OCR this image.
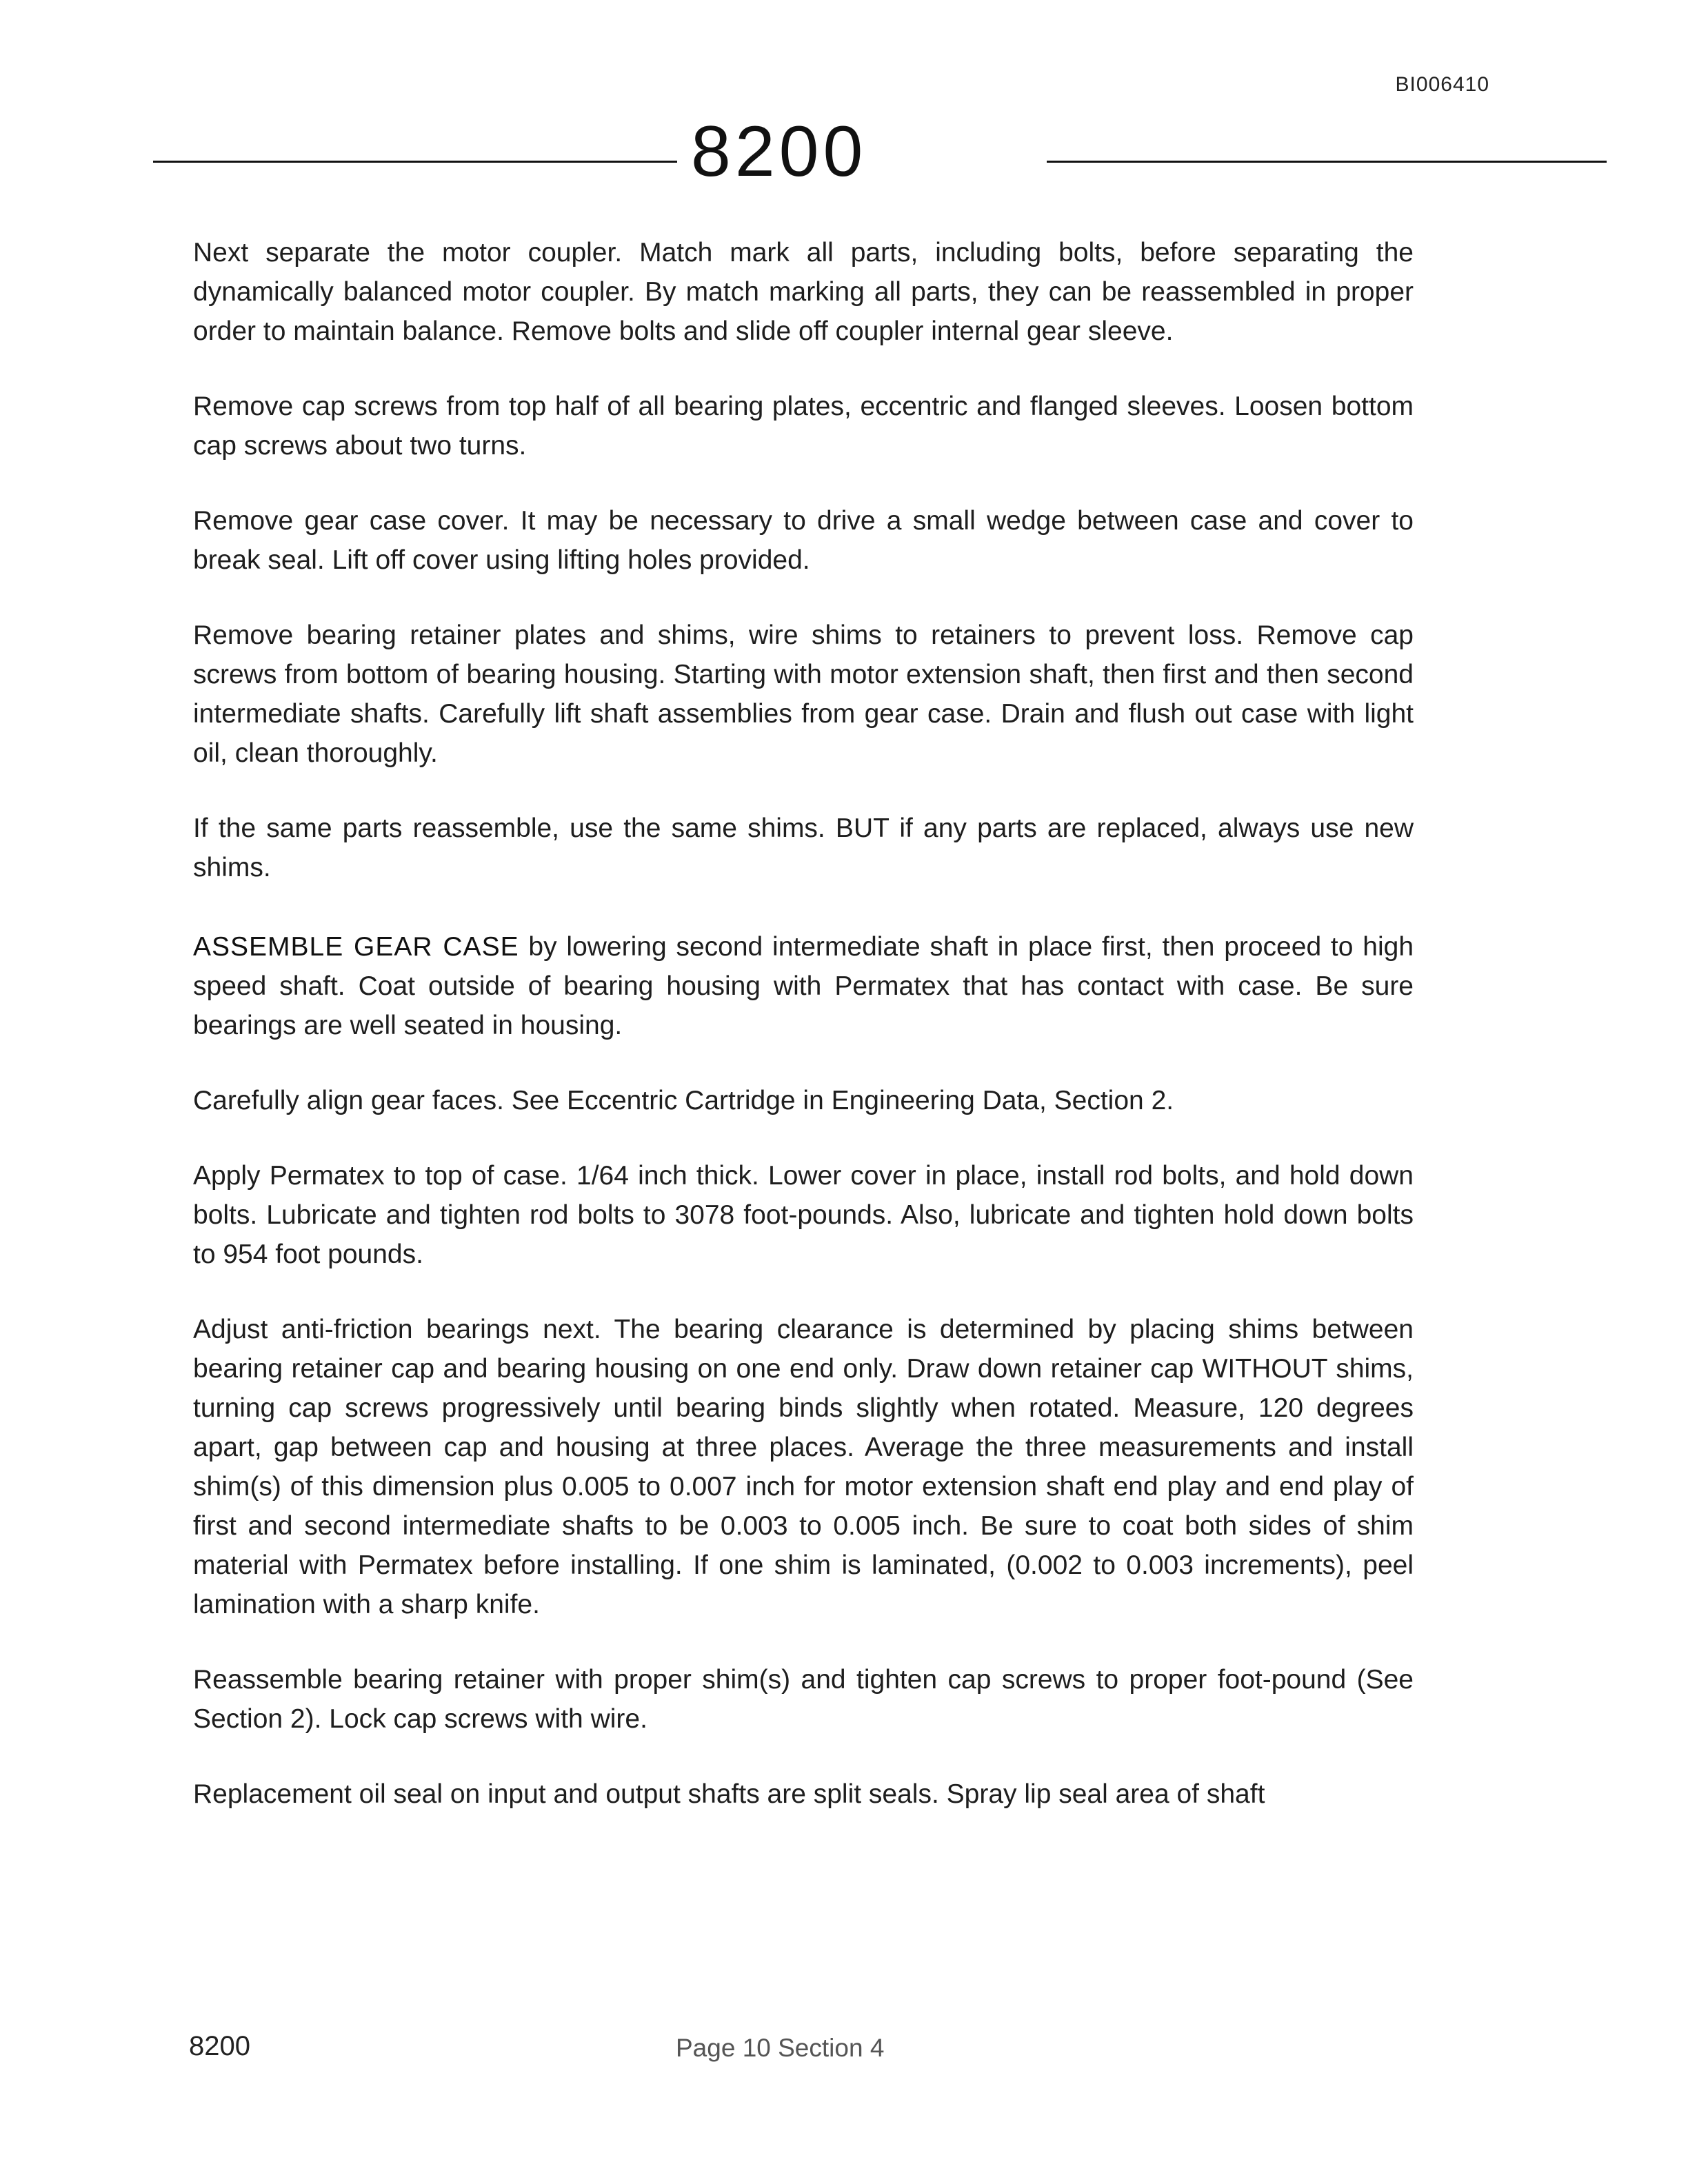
BI006410
8200

Next separate the motor coupler. Match mark all parts, including bolts, before separating the dynamically balanced motor coupler. By match marking all parts, they can be reassembled in proper order to maintain balance. Remove bolts and slide off coupler internal gear sleeve.

Remove cap screws from top half of all bearing plates, eccentric and flanged sleeves. Loosen bottom cap screws about two turns.

Remove gear case cover. It may be necessary to drive a small wedge between case and cover to break seal. Lift off cover using lifting holes provided.

Remove bearing retainer plates and shims, wire shims to retainers to prevent loss. Remove cap screws from bottom of bearing housing. Starting with motor extension shaft, then first and then second intermediate shafts. Carefully lift shaft assemblies from gear case. Drain and flush out case with light oil, clean thoroughly.

If the same parts reassemble, use the same shims. BUT if any parts are replaced, always use new shims.

ASSEMBLE GEAR CASE by lowering second intermediate shaft in place first, then proceed to high speed shaft. Coat outside of bearing housing with Permatex that has contact with case. Be sure bearings are well seated in housing.

Carefully align gear faces. See Eccentric Cartridge in Engineering Data, Section 2.

Apply Permatex to top of case. 1/64 inch thick. Lower cover in place, install rod bolts, and hold down bolts. Lubricate and tighten rod bolts to 3078 foot-pounds. Also, lubricate and tighten hold down bolts to 954 foot pounds.

Adjust anti-friction bearings next. The bearing clearance is determined by placing shims between bearing retainer cap and bearing housing on one end only. Draw down retainer cap WITHOUT shims, turning cap screws progressively until bearing binds slightly when rotated. Measure, 120 degrees apart, gap between cap and housing at three places. Average the three measurements and install shim(s) of this dimension plus 0.005 to 0.007 inch for motor extension shaft end play and end play of first and second intermediate shafts to be 0.003 to 0.005 inch. Be sure to coat both sides of shim material with Permatex before installing. If one shim is laminated, (0.002 to 0.003 increments), peel lamination with a sharp knife.

Reassemble bearing retainer with proper shim(s) and tighten cap screws to proper foot-pound (See Section 2). Lock cap screws with wire.

Replacement oil seal on input and output shafts are split seals. Spray lip seal area of shaft

8200	Page 10 Section 4
